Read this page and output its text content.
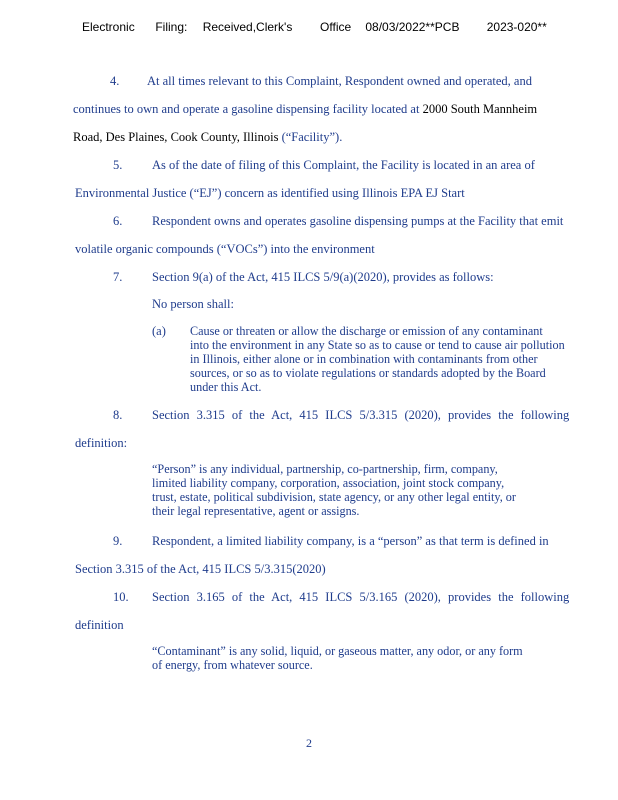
Electronic Filing: Received,Clerk's Office 08/03/2022**PCB 2023-020**
4. At all times relevant to this Complaint, Respondent owned and operated, and
continues to own and operate a gasoline dispensing facility located at 2000 South Mannheim
Road, Des Plaines, Cook County, Illinois (“Facility”).
5. As of the date of filing of this Complaint, the Facility is located in an area of
Environmental Justice (“EJ”) concern as identified using Illinois EPA EJ Start
6. Respondent owns and operates gasoline dispensing pumps at the Facility that emit
volatile organic compounds (“VOCs”) into the environment
7. Section 9(a) of the Act, 415 ILCS 5/9(a)(2020), provides as follows:
No person shall:
(a) Cause or threaten or allow the discharge or emission of any contaminant
into the environment in any State so as to cause or tend to cause air pollution
in Illinois, either alone or in combination with contaminants from other
sources, or so as to violate regulations or standards adopted by the Board
under this Act.
8. Section 3.315 of the Act, 415 ILCS 5/3.315 (2020), provides the following
definition:
“Person” is any individual, partnership, co-partnership, firm, company,
limited liability company, corporation, association, joint stock company,
trust, estate, political subdivision, state agency, or any other legal entity, or
their legal representative, agent or assigns.
9. Respondent, a limited liability company, is a “person” as that term is defined in
Section 3.315 of the Act, 415 ILCS 5/3.315(2020)
10. Section 3.165 of the Act, 415 ILCS 5/3.165 (2020), provides the following
definition
“Contaminant” is any solid, liquid, or gaseous matter, any odor, or any form
of energy, from whatever source.
2
